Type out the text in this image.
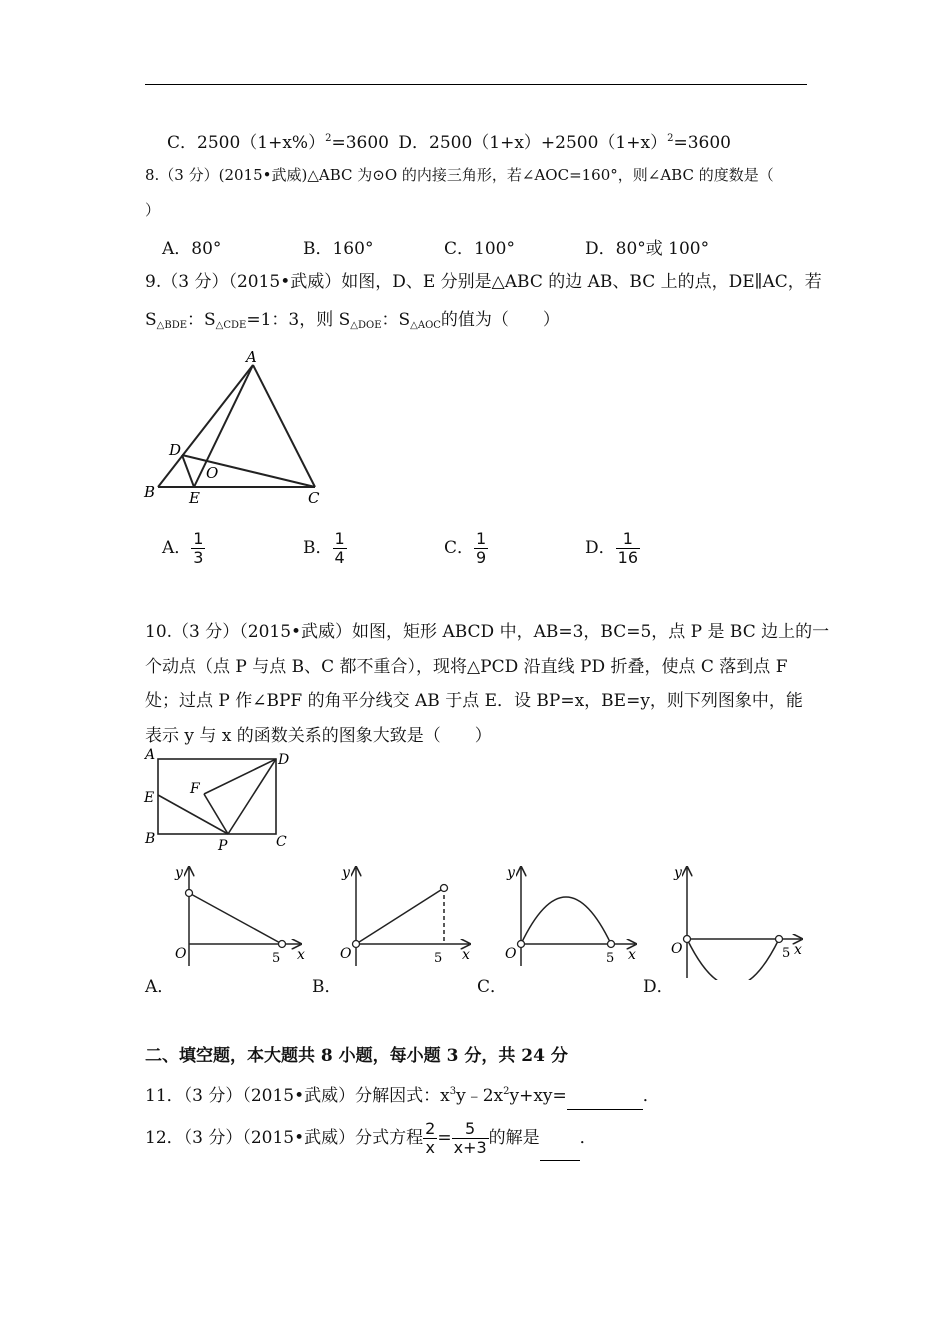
C．$2500(1+x\%)^2=3600$ D．$2500(1+x)+2500(1+x)^2=3600$
8.（3 分）(2015•武威)△ABC 为⊙O 的内接三角形，若∠AOC=160°，则∠ABC 的度数是（
）
A．80°	B．160°	C．100°	D．80°或 100°
9.（3 分）（2015•武威）如图，D、E 分别是△ABC 的边 AB、BC 上的点，DE∥AC，若
$S_{\triangle BDE}$：$S_{\triangle CDE}=1$：3，则 $S_{\triangle DOE}$：$S_{\triangle AOC}$的值为（　　）
A
D
O
B E	C
A． $\frac{1}{3}$	B． $\frac{1}{4}$	C． $\frac{1}{9}$	D． $\frac{1}{16}$
10.（3 分）（2015•武威）如图，矩形 ABCD 中，AB=3，BC=5，点 P 是 BC 边上的一
个动点（点 P 与点 B、C 都不重合），现将△PCD 沿直线 PD 折叠，使点 C 落到点 F
处；过点 P 作∠BPF 的角平分线交 AB 于点 E．设 BP=x，BE=y，则下列图象中，能
表示 y 与 x 的函数关系的图象大致是（　　）
A	D
F
E
B	P	C
y
x
O	5
A．
y
x
O	5
B．
y
x
O	5
C．
y
x
O	5
D．
二、填空题，本大题共 8 小题，每小题 3 分，共 24 分
11．（3 分）（2015•武威）分解因式：$x^3y﹣2x^2y+xy=$	．
12．（3 分）（2015•武威）分式方程 $\frac{2}{x} = \frac{5}{x+3}$ 的解是 ．
